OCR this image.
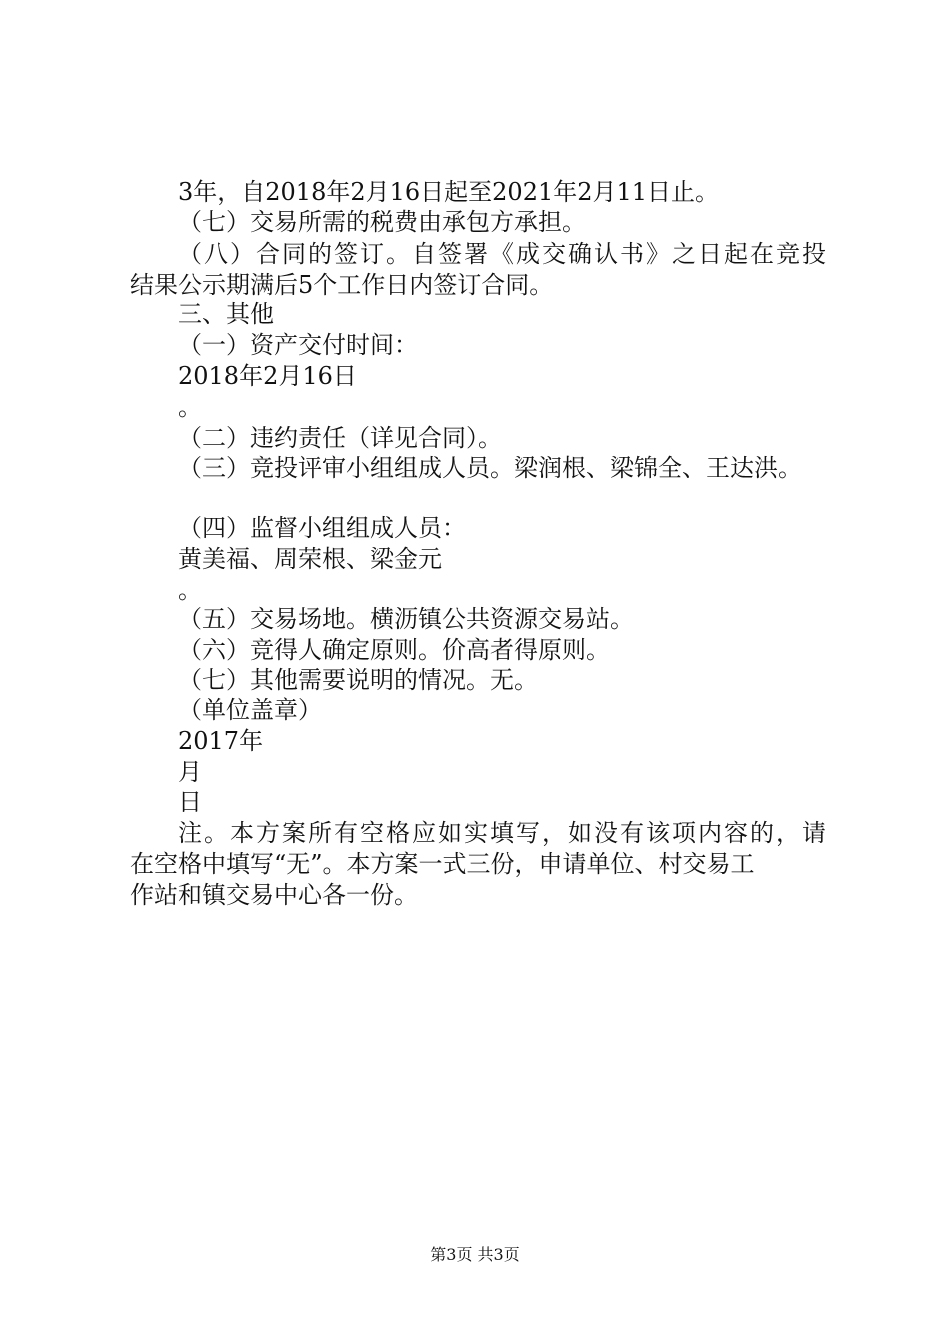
3年，自2018年2月16日起至2021年2月11日止。
（七）交易所需的税费由承包方承担。
（八）合同的签订。自签署《成交确认书》之日起在竞投
结果公示期满后5个工作日内签订合同。
三、其他
（一）资产交付时间：
2018年2月16日
。
（二）违约责任（详见合同）。
（三）竞投评审小组组成人员。梁润根、梁锦全、王达洪。
（四）监督小组组成人员：
黄美福、周荣根、梁金元
。
（五）交易场地。横沥镇公共资源交易站。
（六）竞得人确定原则。价高者得原则。
（七）其他需要说明的情况。无。
（单位盖章）
2017年
月
日
注。本方案所有空格应如实填写，如没有该项内容的，请
在空格中填写“无”。本方案一式三份，申请单位、村交易工
作站和镇交易中心各一份。
第3页 共3页
